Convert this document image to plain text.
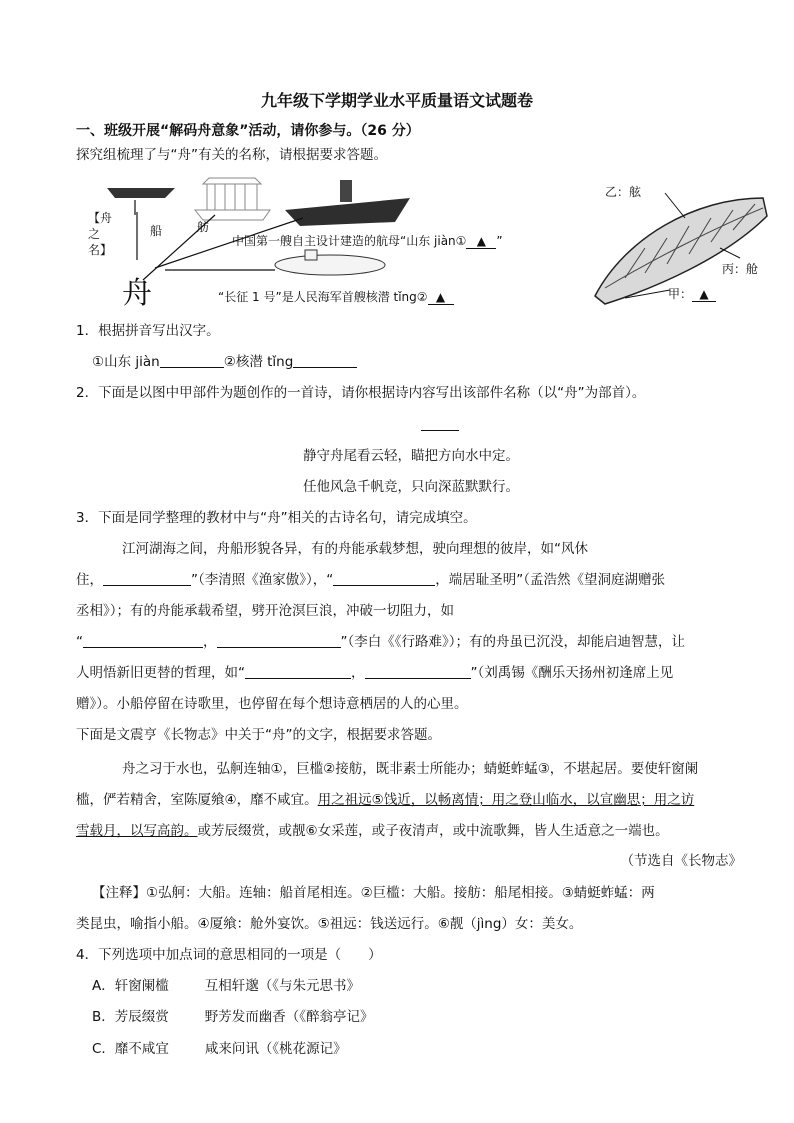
九年级下学期学业水平质量语文试题卷
一、班级开展“解码舟意象”活动，请你参与。（26 分）
探究组梳理了与“舟”有关的名称，请根据要求答题。
【舟之名】
舟
船	舫
中国第一艘自主设计建造的航母“山东 jiàn① ▲ ”
“长征 1 号”是人民海军首艘核潜 tǐng② ▲
乙：舷
丙：舱
甲： ▲
1．根据拼音写出汉字。
①山东 jiàn	②核潜 tǐng
2．下面是以图中甲部件为题创作的一首诗，请你根据诗内容写出该部件名称（以“舟”为部首）。
静守舟尾看云轻，瞄把方向水中定。
任他风急千帆竞，只向深蓝默默行。
3．下面是同学整理的教材中与“舟”相关的古诗名句，请完成填空。
江河湖海之间，舟船形貌各异，有的舟能承载梦想，驶向理想的彼岸，如“风休
住，	”（李清照《渔家傲》），“	，端居耻圣明”（孟浩然《望洞庭湖赠张
丞相》）；有的舟能承载希望，劈开沧溟巨浪，冲破一切阻力，如
“	，	”（李白《《行路难》）；有的舟虽已沉没，却能启迪智慧，让
人明悟新旧更替的哲理，如“	，	”（刘禹锡《酬乐天扬州初逢席上见
赠》）。小船停留在诗歌里，也停留在每个想诗意栖居的人的心里。
下面是文震亨《长物志》中关于“舟”的文字，根据要求答题。
舟之习于水也，弘舸连轴①，巨槛②接舫，既非素士所能办；蜻蜓蚱蜢③，不堪起居。要使轩窗阑
槛，俨若精舍，室陈厦飨④，靡不咸宜。用之祖远⑤饯近，以畅离情；用之登山临水，以宣幽思；用之访
雪载月，以写高韵。或芳辰缀赏，或靓⑥女采莲，或子夜清声，或中流歌舞，皆人生适意之一端也。
（节选自《长物志》
【注释】①弘舸：大船。连轴：船首尾相连。②巨槛：大船。接舫：船尾相接。③蜻蜓蚱蜢：两
类昆虫，喻指小船。④厦飨：舱外宴饮。⑤祖远：钱送远行。⑥靓（jìng）女：美女。
4．下列选项中加点词的意思相同的一项是（　　）
A．轩窗阑槛	互相轩邈（《与朱元思书》
B．芳辰缀赏	野芳发而幽香（《醉翁亭记》
C．靡不咸宜	咸来问讯（《桃花源记》
